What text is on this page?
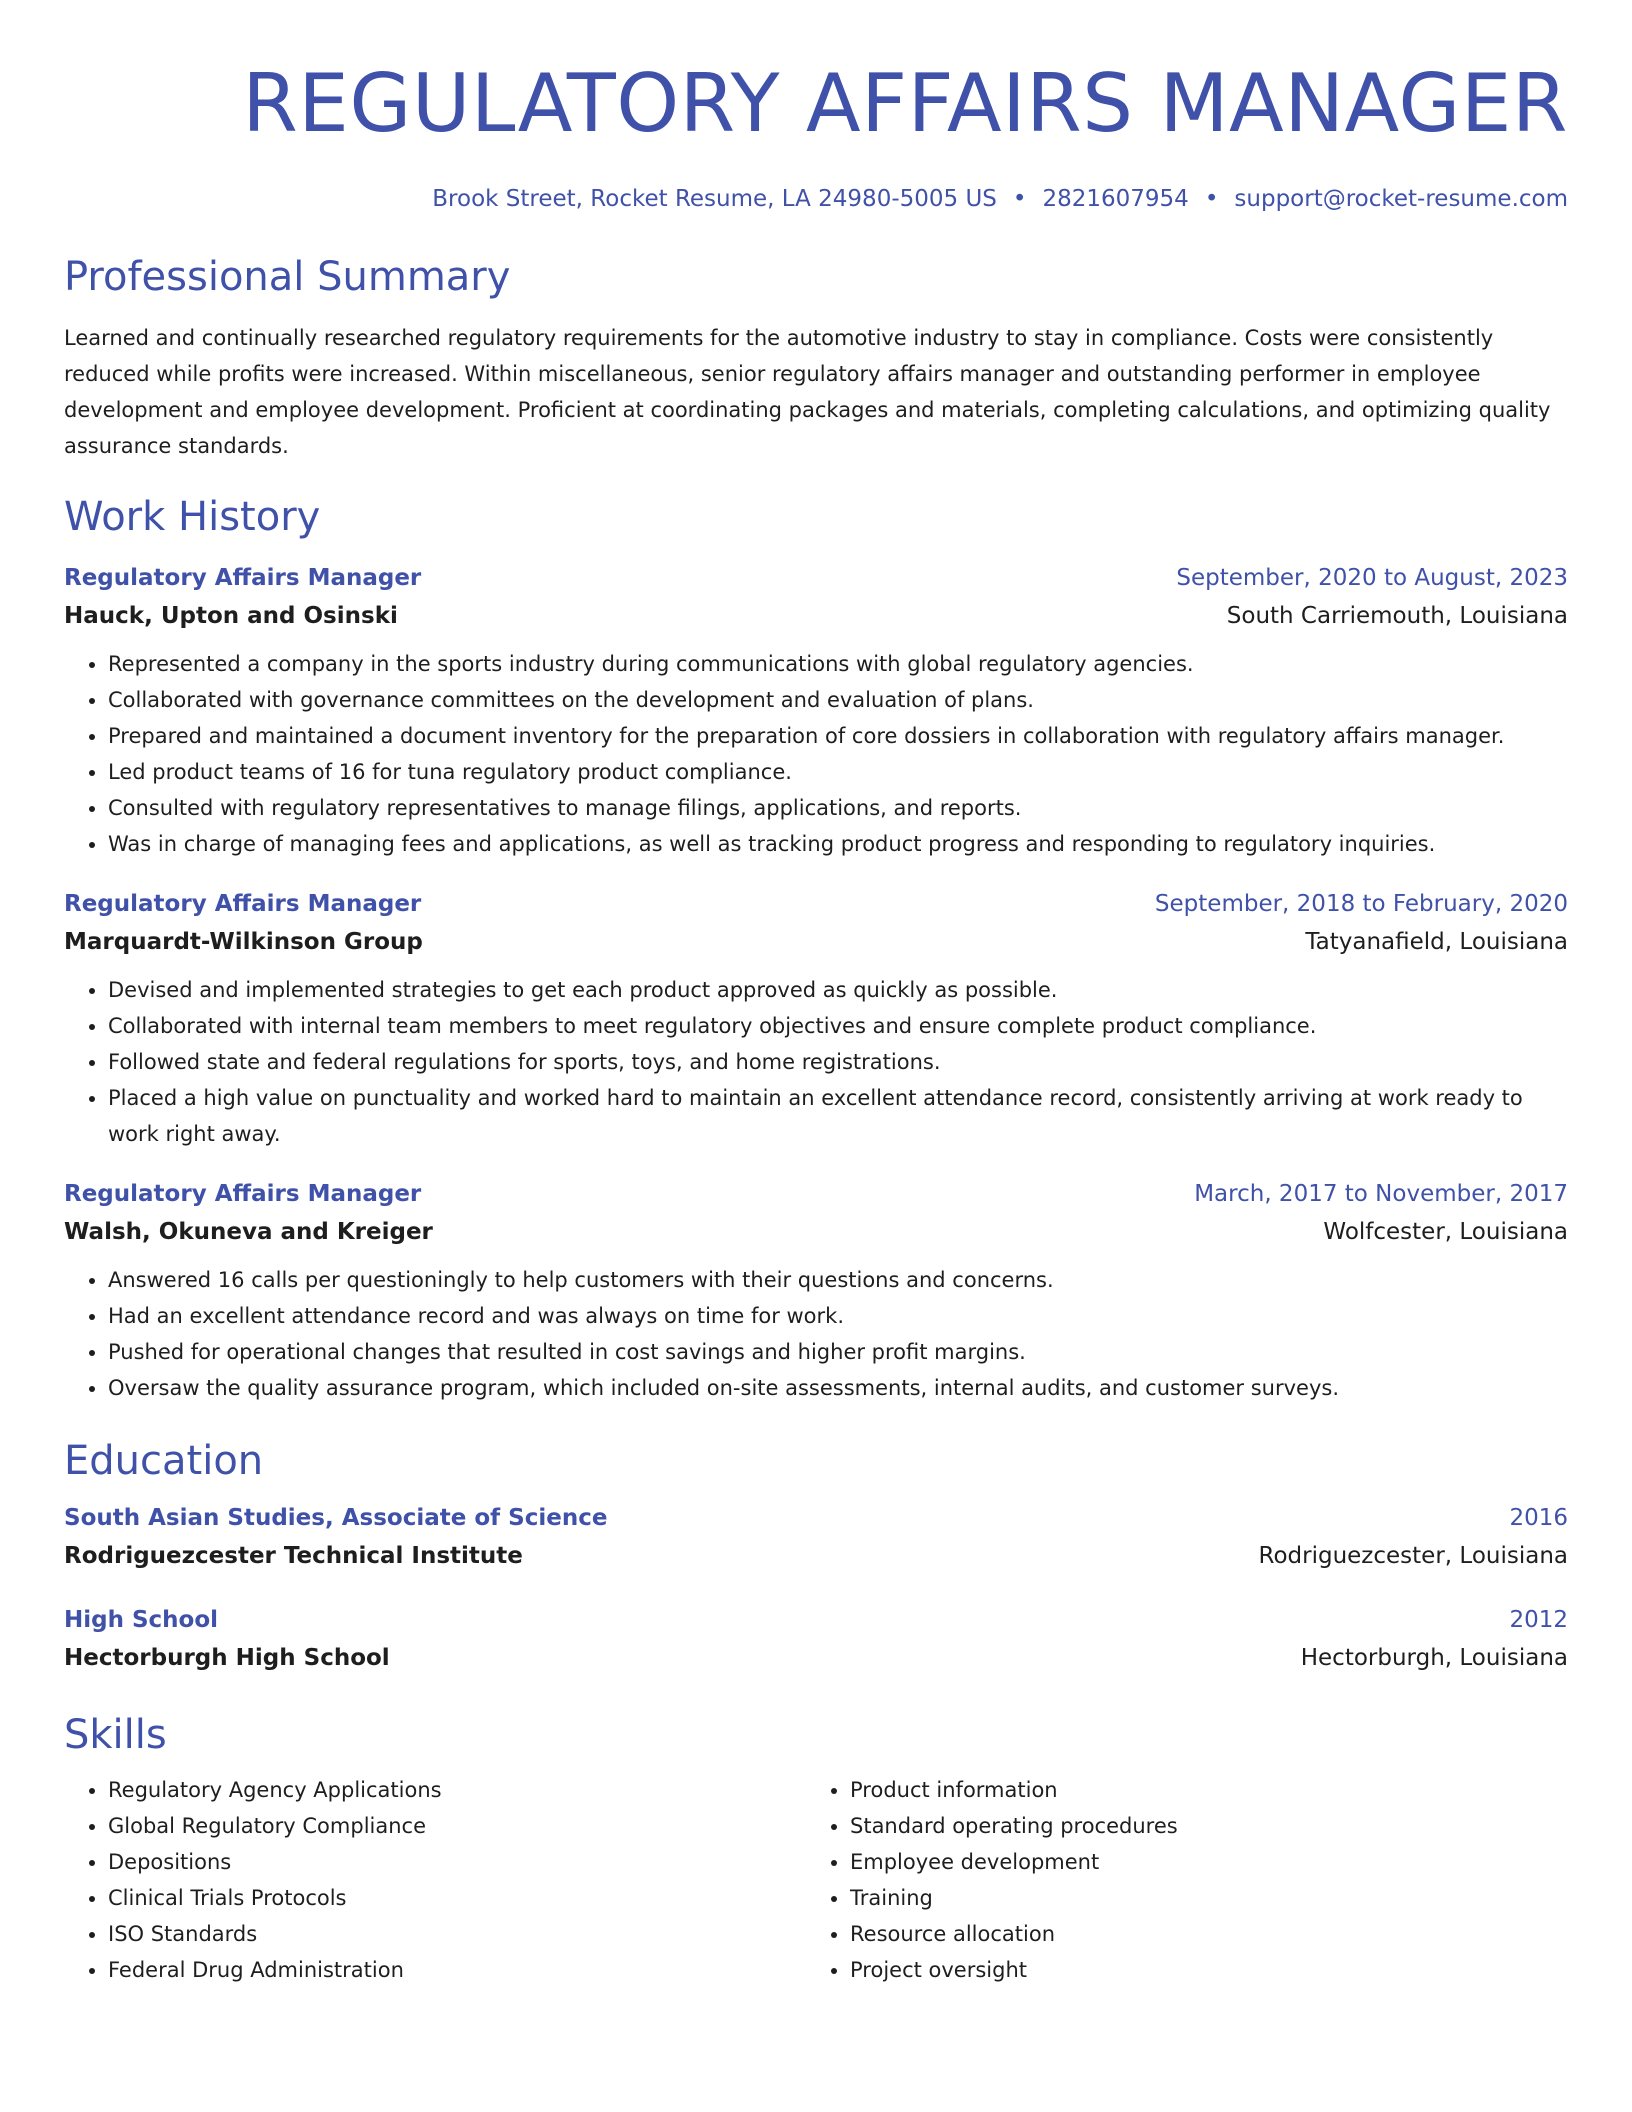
REGULATORY AFFAIRS MANAGER
Brook Street, Rocket Resume, LA 24980-5005 US • 2821607954 • support@rocket-resume.com
Professional Summary
Learned and continually researched regulatory requirements for the automotive industry to stay in compliance. Costs were consistently reduced while profits were increased. Within miscellaneous, senior regulatory affairs manager and outstanding performer in employee development and employee development. Proficient at coordinating packages and materials, completing calculations, and optimizing quality assurance standards.
Work History
Regulatory Affairs Manager	September, 2020 to August, 2023
Hauck, Upton and Osinski	South Carriemouth, Louisiana
• Represented a company in the sports industry during communications with global regulatory agencies.
• Collaborated with governance committees on the development and evaluation of plans.
• Prepared and maintained a document inventory for the preparation of core dossiers in collaboration with regulatory affairs manager.
• Led product teams of 16 for tuna regulatory product compliance.
• Consulted with regulatory representatives to manage filings, applications, and reports.
• Was in charge of managing fees and applications, as well as tracking product progress and responding to regulatory inquiries.
Regulatory Affairs Manager	September, 2018 to February, 2020
Marquardt-Wilkinson Group	Tatyanafield, Louisiana
• Devised and implemented strategies to get each product approved as quickly as possible.
• Collaborated with internal team members to meet regulatory objectives and ensure complete product compliance.
• Followed state and federal regulations for sports, toys, and home registrations.
• Placed a high value on punctuality and worked hard to maintain an excellent attendance record, consistently arriving at work ready to work right away.
Regulatory Affairs Manager	March, 2017 to November, 2017
Walsh, Okuneva and Kreiger	Wolfcester, Louisiana
• Answered 16 calls per questioningly to help customers with their questions and concerns.
• Had an excellent attendance record and was always on time for work.
• Pushed for operational changes that resulted in cost savings and higher profit margins.
• Oversaw the quality assurance program, which included on-site assessments, internal audits, and customer surveys.
Education
South Asian Studies, Associate of Science	2016
Rodriguezcester Technical Institute	Rodriguezcester, Louisiana
High School	2012
Hectorburgh High School	Hectorburgh, Louisiana
Skills
• Regulatory Agency Applications
• Global Regulatory Compliance
• Depositions
• Clinical Trials Protocols
• ISO Standards
• Federal Drug Administration
• Product information
• Standard operating procedures
• Employee development
• Training
• Resource allocation
• Project oversight
